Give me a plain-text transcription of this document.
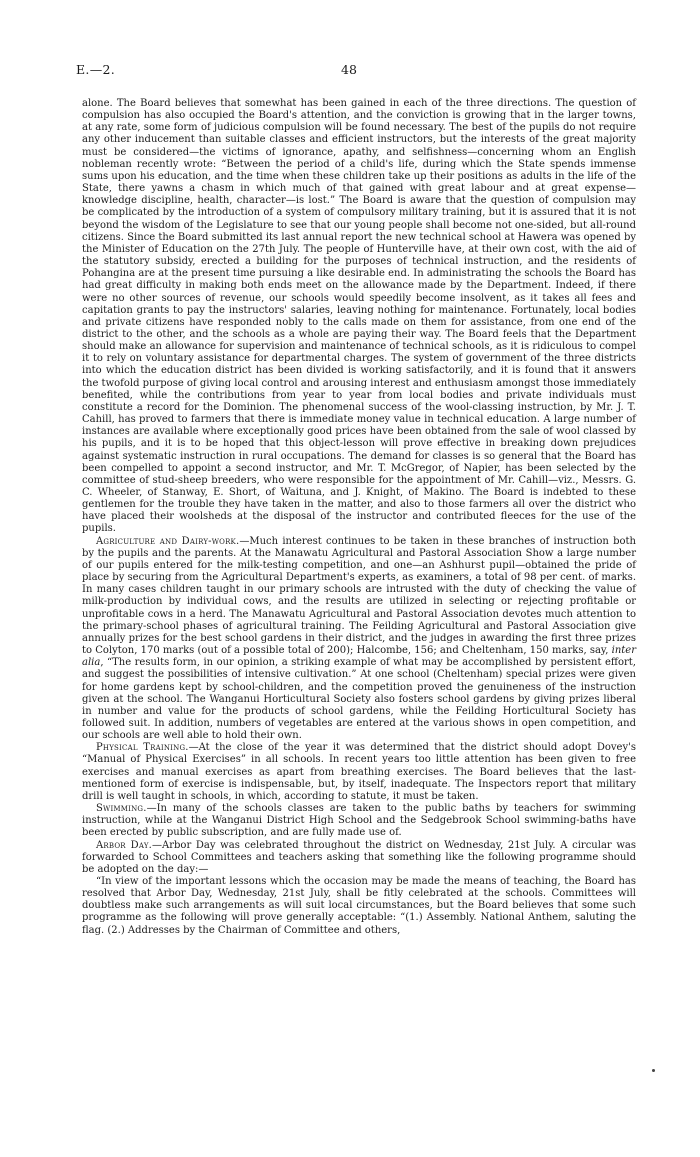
E.—2.	48

alone. The Board believes that somewhat has been gained in each of the three directions. The question of compulsion has also occupied the Board's attention, and the conviction is growing that in the larger towns, at any rate, some form of judicious compulsion will be found necessary. The best of the pupils do not require any other inducement than suitable classes and efficient instructors, but the interests of the great majority must be considered—the victims of ignorance, apathy, and selfishness—concerning whom an English nobleman recently wrote: “Between the period of a child's life, during which the State spends immense sums upon his education, and the time when these children take up their positions as adults in the life of the State, there yawns a chasm in which much of that gained with great labour and at great expense—knowledge discipline, health, character—is lost.” The Board is aware that the question of compulsion may be complicated by the introduction of a system of compulsory military training, but it is assured that it is not beyond the wisdom of the Legislature to see that our young people shall become not one-sided, but all-round citizens. Since the Board submitted its last annual report the new technical school at Hawera was opened by the Minister of Education on the 27th July. The people of Hunterville have, at their own cost, with the aid of the statutory subsidy, erected a building for the purposes of technical instruction, and the residents of Pohangina are at the present time pursuing a like desirable end. In administrating the schools the Board has had great difficulty in making both ends meet on the allowance made by the Department. Indeed, if there were no other sources of revenue, our schools would speedily become insolvent, as it takes all fees and capitation grants to pay the instructors' salaries, leaving nothing for maintenance. Fortunately, local bodies and private citizens have responded nobly to the calls made on them for assistance, from one end of the district to the other, and the schools as a whole are paying their way. The Board feels that the Department should make an allowance for supervision and maintenance of technical schools, as it is ridiculous to compel it to rely on voluntary assistance for departmental charges. The system of government of the three districts into which the education district has been divided is working satisfactorily, and it is found that it answers the twofold purpose of giving local control and arousing interest and enthusiasm amongst those immediately benefited, while the contributions from year to year from local bodies and private individuals must constitute a record for the Dominion. The phenomenal success of the wool-classing instruction, by Mr. J. T. Cahill, has proved to farmers that there is immediate money value in technical education. A large number of instances are available where exceptionally good prices have been obtained from the sale of wool classed by his pupils, and it is to be hoped that this object-lesson will prove effective in breaking down prejudices against systematic instruction in rural occupations. The demand for classes is so general that the Board has been compelled to appoint a second instructor, and Mr. T. McGregor, of Napier, has been selected by the committee of stud-sheep breeders, who were responsible for the appointment of Mr. Cahill—viz., Messrs. G. C. Wheeler, of Stanway, E. Short, of Waituna, and J. Knight, of Makino. The Board is indebted to these gentlemen for the trouble they have taken in the matter, and also to those farmers all over the district who have placed their woolsheds at the disposal of the instructor and contributed fleeces for the use of the pupils.

Agriculture and Dairy-work.—Much interest continues to be taken in these branches of instruction both by the pupils and the parents. At the Manawatu Agricultural and Pastoral Association Show a large number of our pupils entered for the milk-testing competition, and one—an Ashhurst pupil—obtained the pride of place by securing from the Agricultural Department's experts, as examiners, a total of 98 per cent. of marks. In many cases children taught in our primary schools are intrusted with the duty of checking the value of milk-production by individual cows, and the results are utilized in selecting or rejecting profitable or unprofitable cows in a herd. The Manawatu Agricultural and Pastoral Association devotes much attention to the primary-school phases of agricultural training. The Feilding Agricultural and Pastoral Association give annually prizes for the best school gardens in their district, and the judges in awarding the first three prizes to Colyton, 170 marks (out of a possible total of 200); Halcombe, 156; and Cheltenham, 150 marks, say, inter alia, “The results form, in our opinion, a striking example of what may be accomplished by persistent effort, and suggest the possibilities of intensive cultivation.” At one school (Cheltenham) special prizes were given for home gardens kept by school-children, and the competition proved the genuineness of the instruction given at the school. The Wanganui Horticultural Society also fosters school gardens by giving prizes liberal in number and value for the products of school gardens, while the Feilding Horticultural Society has followed suit. In addition, numbers of vegetables are entered at the various shows in open competition, and our schools are well able to hold their own.

Physical Training.—At the close of the year it was determined that the district should adopt Dovey's “Manual of Physical Exercises” in all schools. In recent years too little attention has been given to free exercises and manual exercises as apart from breathing exercises. The Board believes that the last-mentioned form of exercise is indispensable, but, by itself, inadequate. The Inspectors report that military drill is well taught in schools, in which, according to statute, it must be taken.

Swimming.—In many of the schools classes are taken to the public baths by teachers for swimming instruction, while at the Wanganui District High School and the Sedgebrook School swimming-baths have been erected by public subscription, and are fully made use of.

Arbor Day.—Arbor Day was celebrated throughout the district on Wednesday, 21st July. A circular was forwarded to School Committees and teachers asking that something like the following programme should be adopted on the day:—

“In view of the important lessons which the occasion may be made the means of teaching, the Board has resolved that Arbor Day, Wednesday, 21st July, shall be fitly celebrated at the schools. Committees will doubtless make such arrangements as will suit local circumstances, but the Board believes that some such programme as the following will prove generally acceptable: “(1.) Assembly. National Anthem, saluting the flag. (2.) Addresses by the Chairman of Committee and others,
